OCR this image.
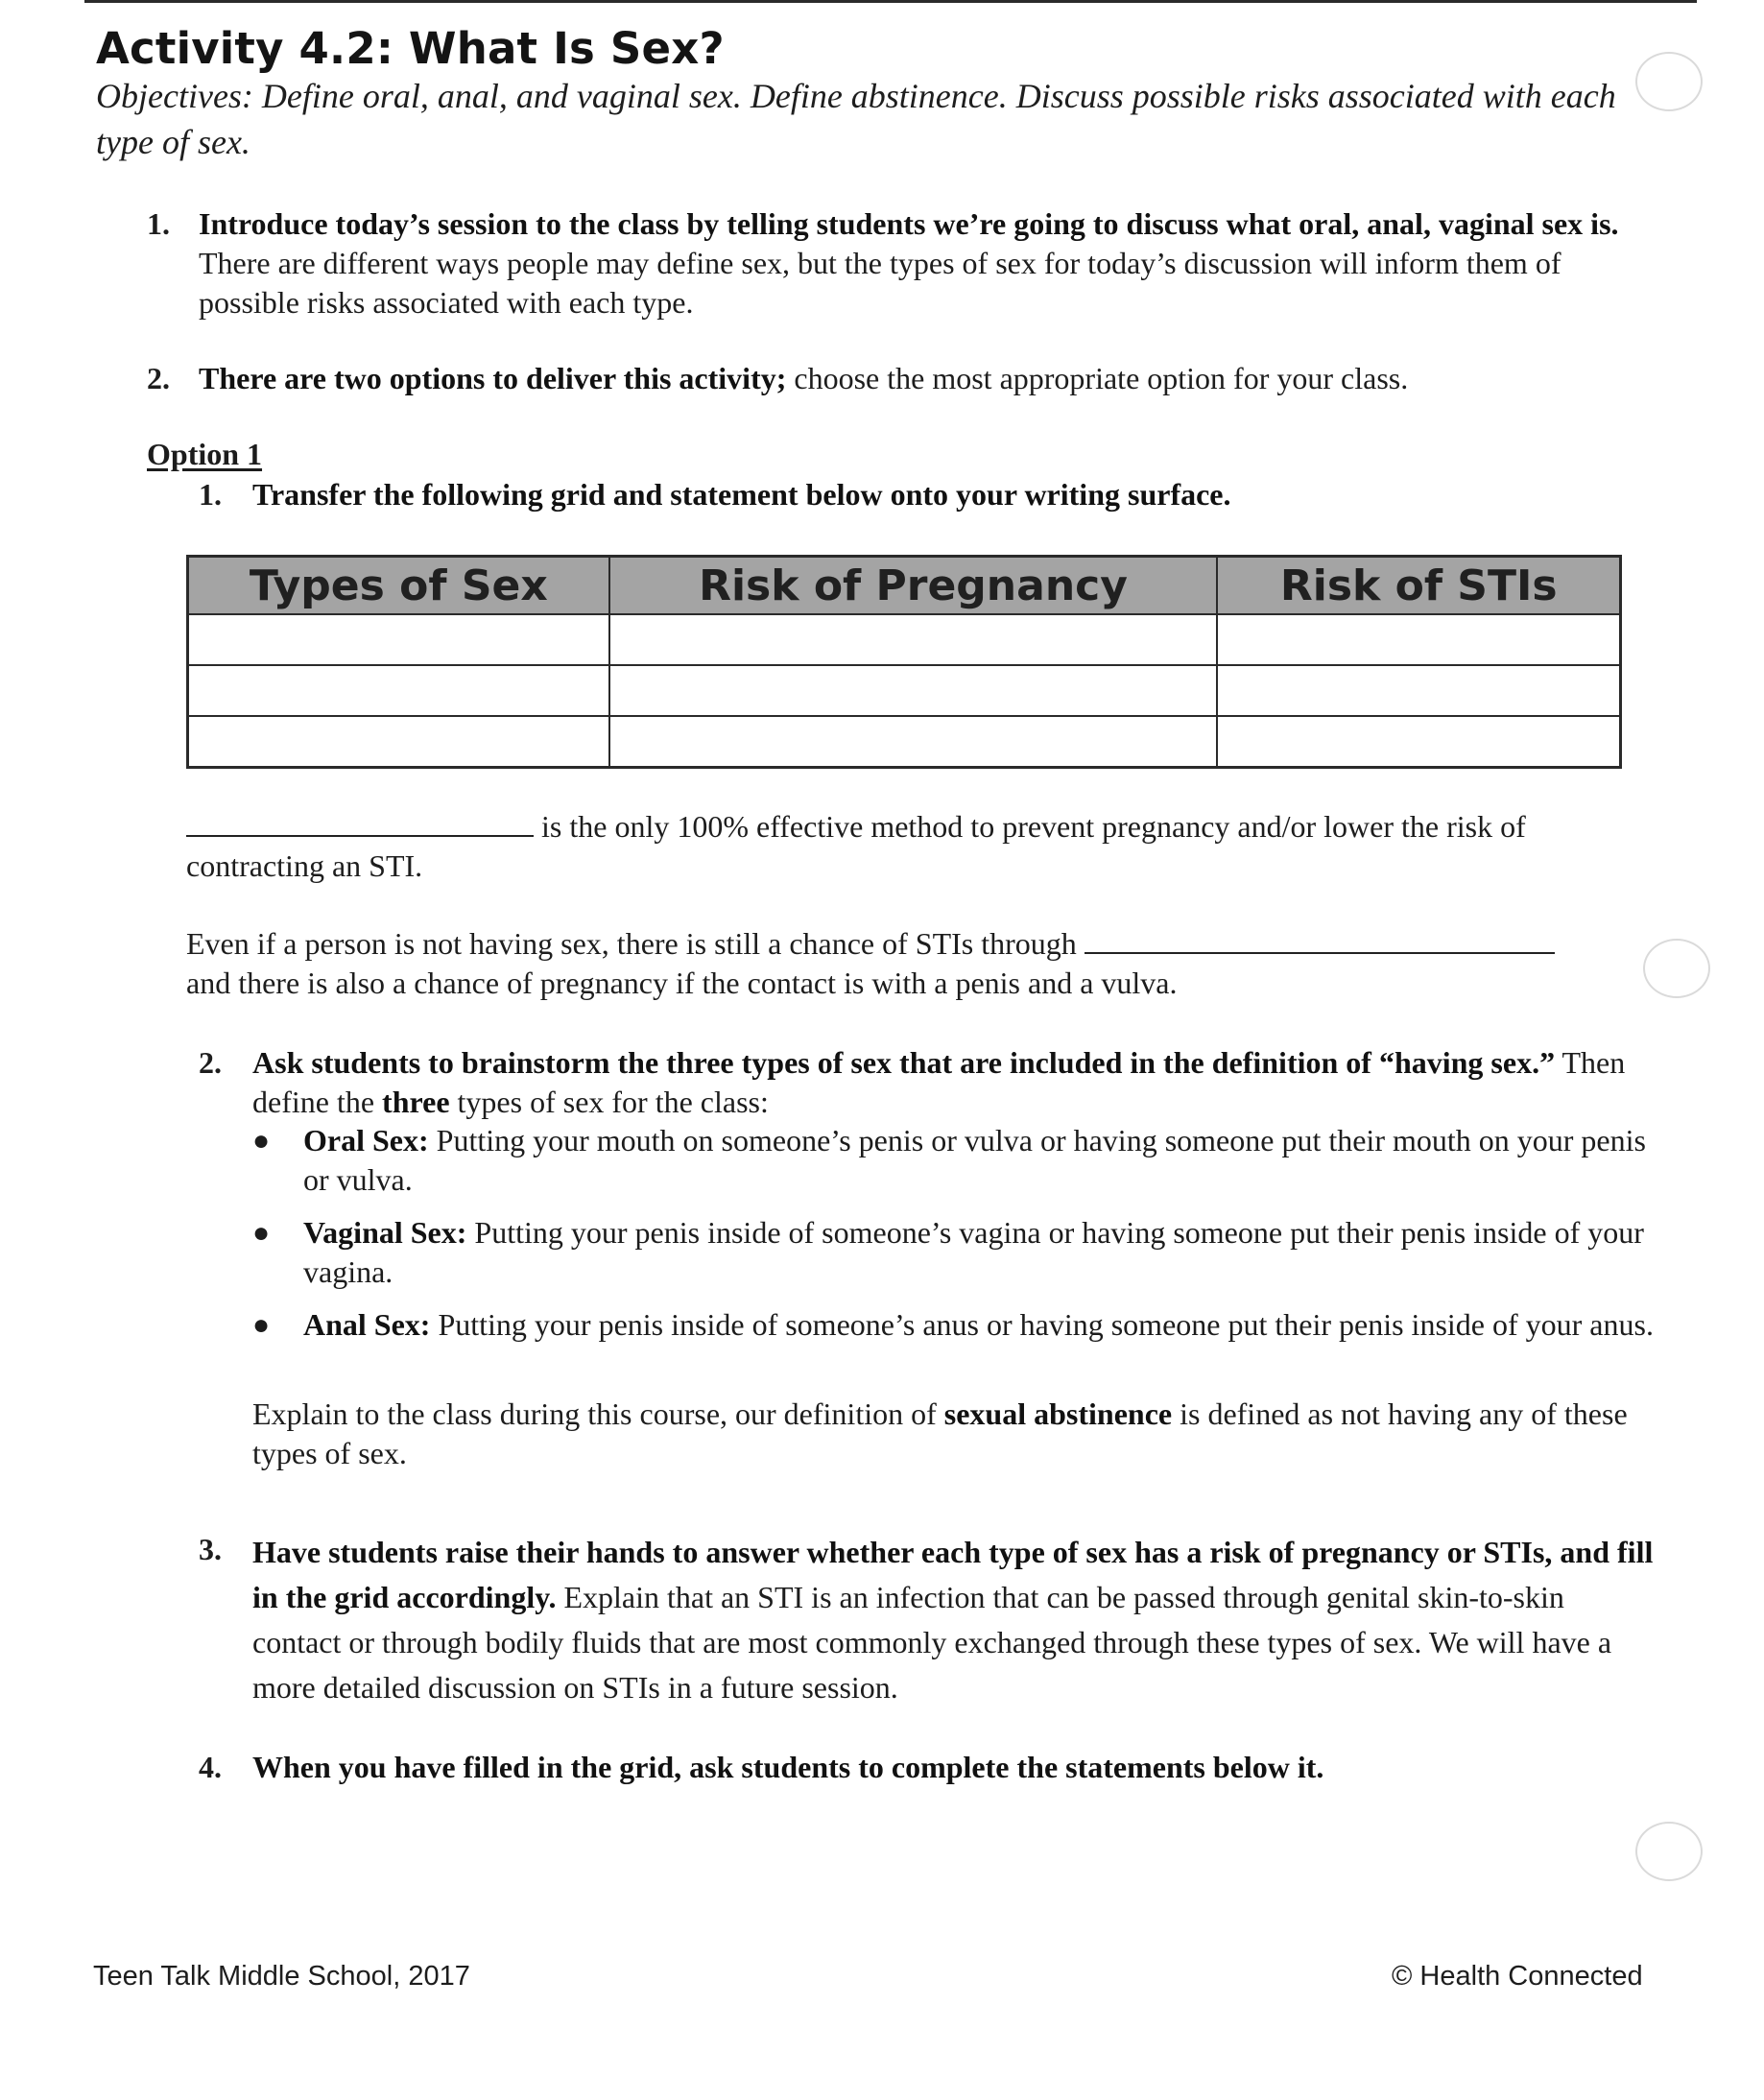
Activity 4.2: What Is Sex?
Objectives: Define oral, anal, and vaginal sex. Define abstinence. Discuss possible risks associated with each type of sex.
1. Introduce today’s session to the class by telling students we’re going to discuss what oral, anal, vaginal sex is. There are different ways people may define sex, but the types of sex for today’s discussion will inform them of possible risks associated with each type.
2. There are two options to deliver this activity; choose the most appropriate option for your class.
Option 1
1. Transfer the following grid and statement below onto your writing surface.
Types of Sex	Risk of Pregnancy	Risk of STIs

is the only 100% effective method to prevent pregnancy and/or lower the risk of contracting an STI.
Even if a person is not having sex, there is still a chance of STIs through
and there is also a chance of pregnancy if the contact is with a penis and a vulva.
2. Ask students to brainstorm the three types of sex that are included in the definition of “having sex.” Then define the three types of sex for the class:
● Oral Sex: Putting your mouth on someone’s penis or vulva or having someone put their mouth on your penis or vulva.
● Vaginal Sex: Putting your penis inside of someone’s vagina or having someone put their penis inside of your vagina.
● Anal Sex: Putting your penis inside of someone’s anus or having someone put their penis inside of your anus.
Explain to the class during this course, our definition of sexual abstinence is defined as not having any of these types of sex.
3. Have students raise their hands to answer whether each type of sex has a risk of pregnancy or STIs, and fill in the grid accordingly. Explain that an STI is an infection that can be passed through genital skin-to-skin contact or through bodily fluids that are most commonly exchanged through these types of sex. We will have a more detailed discussion on STIs in a future session.
4. When you have filled in the grid, ask students to complete the statements below it.
Teen Talk Middle School, 2017	© Health Connected
